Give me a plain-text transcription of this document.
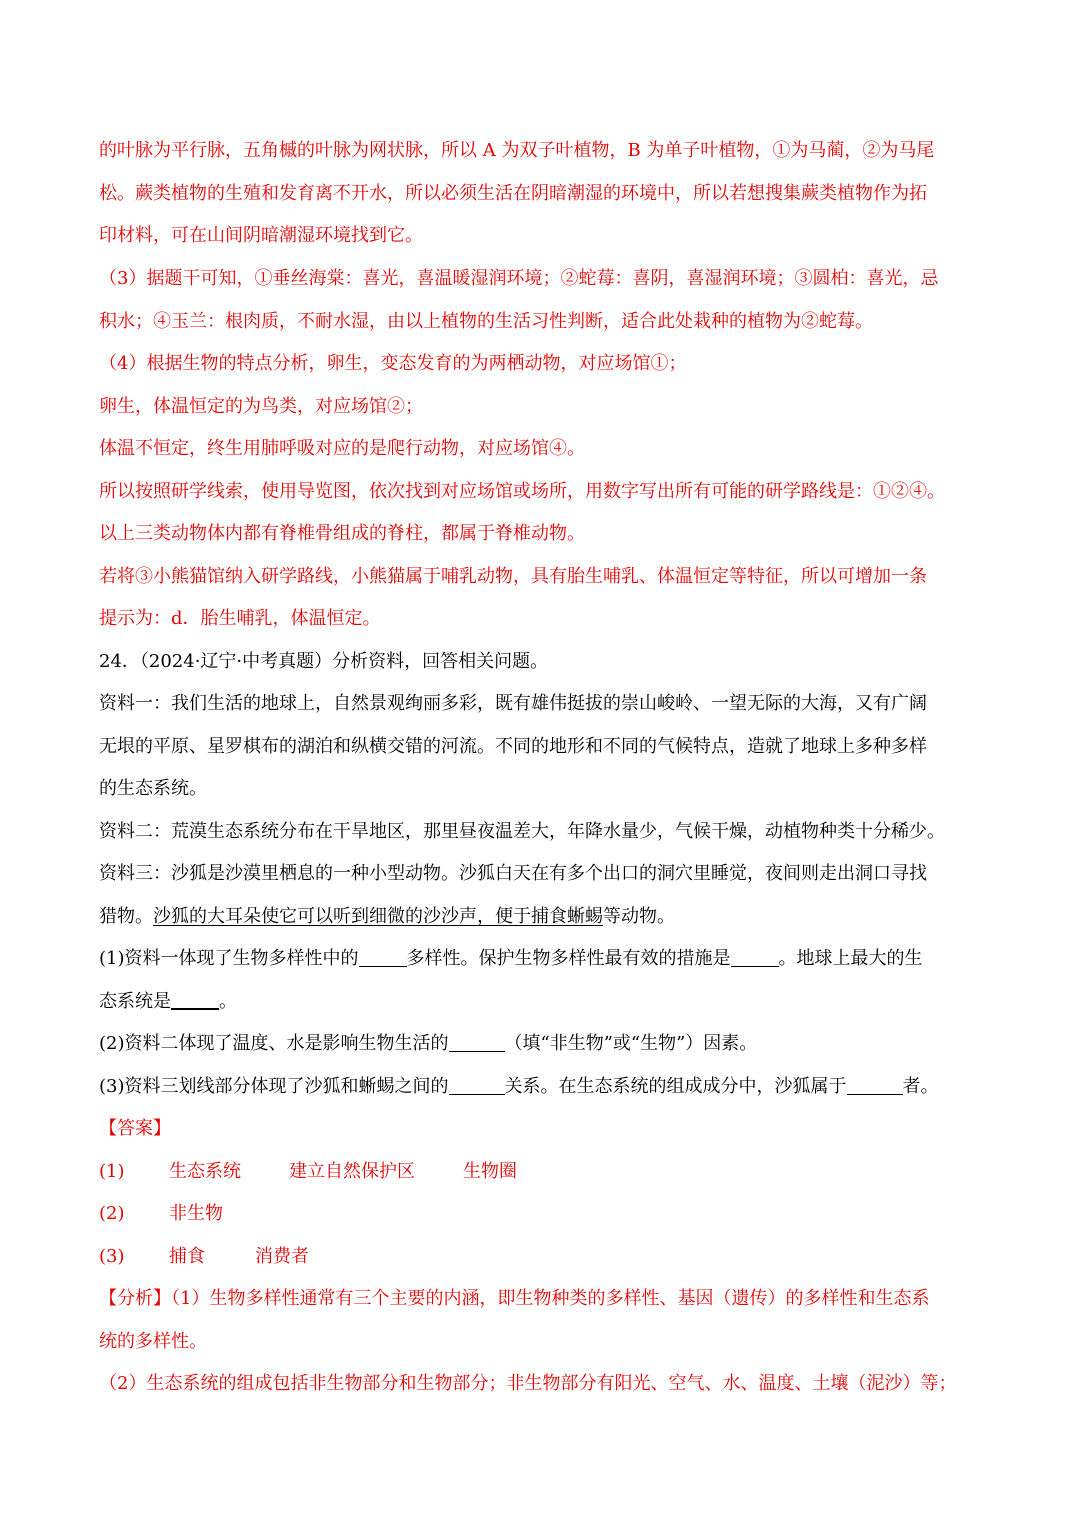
的叶脉为平行脉，五角槭的叶脉为网状脉，所以 A 为双子叶植物，B 为单子叶植物，①为马蔺，②为马尾
松。蕨类植物的生殖和发育离不开水，所以必须生活在阴暗潮湿的环境中，所以若想搜集蕨类植物作为拓
印材料，可在山间阴暗潮湿环境找到它。
（3）据题干可知，①垂丝海棠：喜光，喜温暖湿润环境；②蛇莓：喜阴，喜湿润环境；③圆柏：喜光，忌
积水；④玉兰：根肉质，不耐水湿，由以上植物的生活习性判断，适合此处栽种的植物为②蛇莓。
（4）根据生物的特点分析，卵生，变态发育的为两栖动物，对应场馆①；
卵生，体温恒定的为鸟类，对应场馆②；
体温不恒定，终生用肺呼吸对应的是爬行动物，对应场馆④。
所以按照研学线索，使用导览图，依次找到对应场馆或场所，用数字写出所有可能的研学路线是：①②④。
以上三类动物体内都有脊椎骨组成的脊柱，都属于脊椎动物。
若将③小熊猫馆纳入研学路线，小熊猫属于哺乳动物，具有胎生哺乳、体温恒定等特征，所以可增加一条
提示为：d．胎生哺乳，体温恒定。
24．（2024·辽宁·中考真题）分析资料，回答相关问题。
资料一：我们生活的地球上，自然景观绚丽多彩，既有雄伟挺拔的崇山峻岭、一望无际的大海，又有广阔
无垠的平原、星罗棋布的湖泊和纵横交错的河流。不同的地形和不同的气候特点，造就了地球上多种多样
的生态系统。
资料二：荒漠生态系统分布在干旱地区，那里昼夜温差大，年降水量少，气候干燥，动植物种类十分稀少。
资料三：沙狐是沙漠里栖息的一种小型动物。沙狐白天在有多个出口的洞穴里睡觉，夜间则走出洞口寻找
猎物。沙狐的大耳朵使它可以听到细微的沙沙声，便于捕食蜥蜴等动物。
(1)资料一体现了生物多样性中的	多样性。保护生物多样性最有效的措施是	。地球上最大的生
态系统是	。
(2)资料二体现了温度、水是影响生物生活的	（填“非生物”或“生物”）因素。
(3)资料三划线部分体现了沙狐和蜥蜴之间的	关系。在生态系统的组成成分中，沙狐属于	者。
【答案】
(1) 生态系统	建立自然保护区	生物圈
(2) 非生物
(3) 捕食	消费者
【分析】（1）生物多样性通常有三个主要的内涵，即生物种类的多样性、基因（遗传）的多样性和生态系
统的多样性。
（2）生态系统的组成包括非生物部分和生物部分；非生物部分有阳光、空气、水、温度、土壤（泥沙）等；
